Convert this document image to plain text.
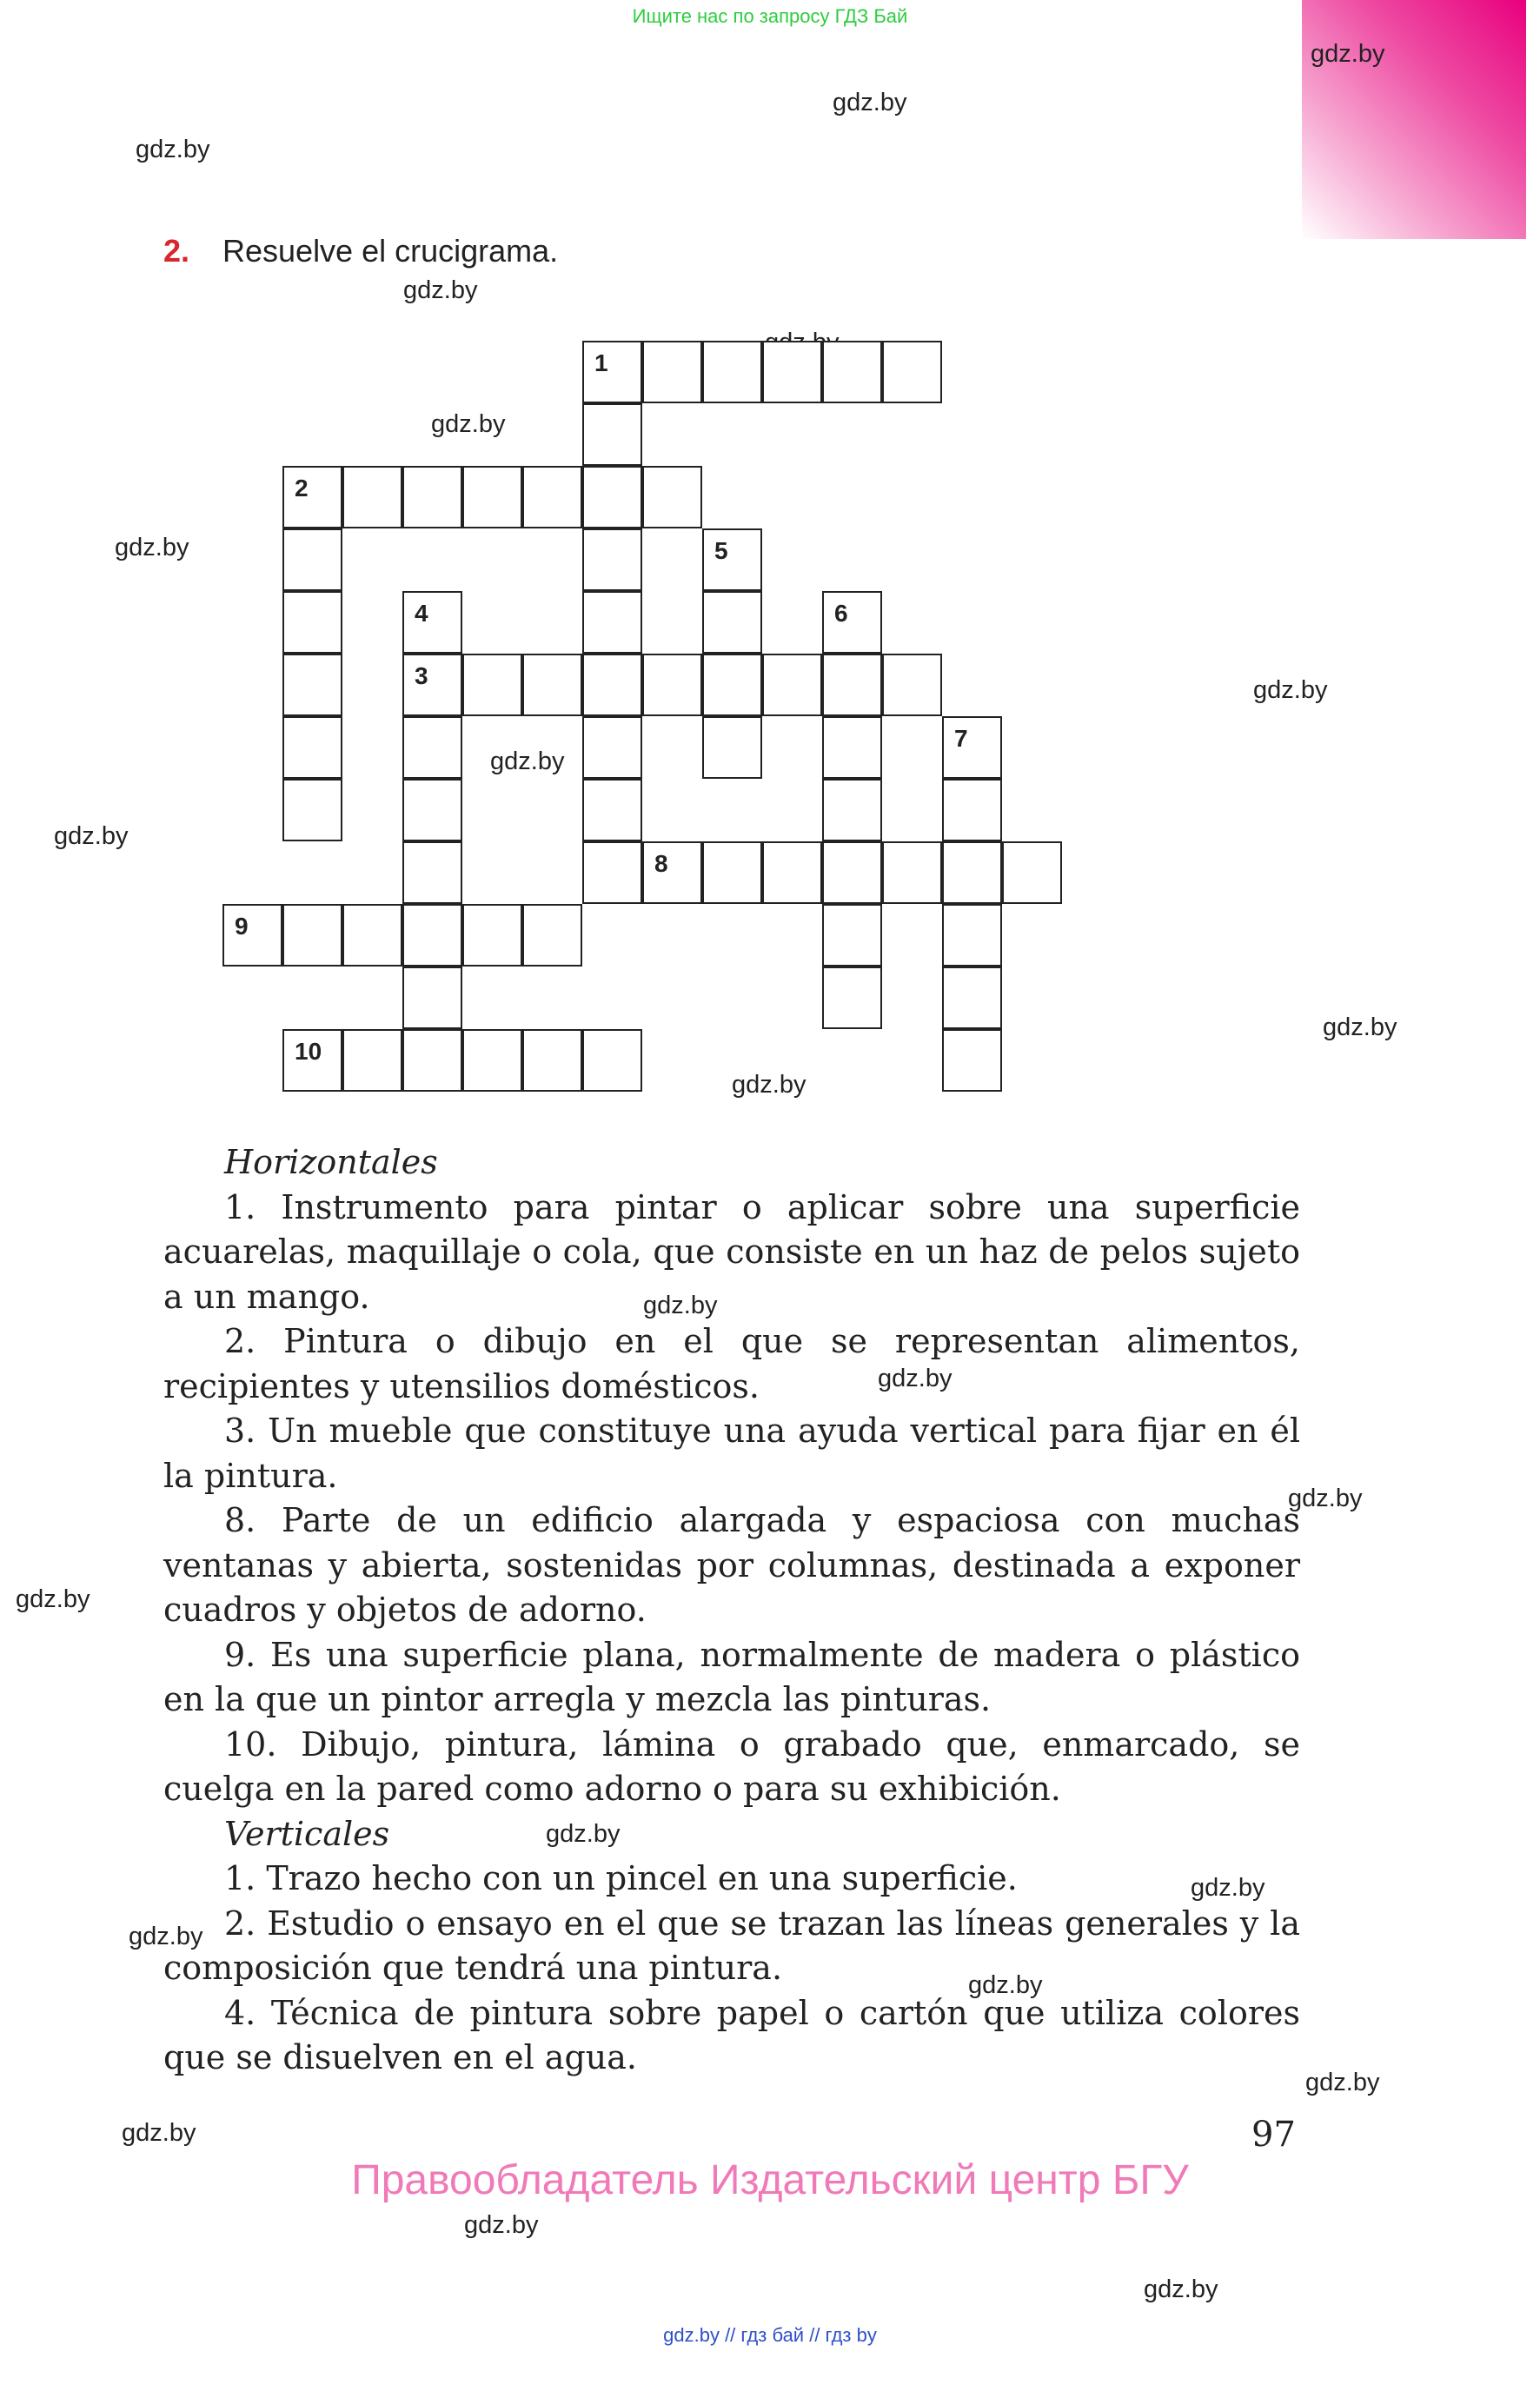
Ищите нас по запросу ГДЗ Бай
gdz.by
gdz.by
gdz.by
gdz.by
gdz.by
gdz.by
gdz.by
gdz.by
gdz.by
gdz.by
gdz.by
gdz.by
gdz.by
gdz.by
gdz.by
gdz.by
gdz.by
gdz.by
gdz.by
gdz.by
gdz.by
gdz.by
gdz.by
2. Resuelve el crucigrama.
1
2
3
4
5
6
7
8
9
10

Horizontales

1. Instrumento para pintar o aplicar sobre una superficie acuarelas, maquillaje o cola, que consiste en un haz de pelos sujeto a un mango.

2. Pintura o dibujo en el que se representan alimentos, recipientes y utensilios domésticos.

3. Un mueble que constituye una ayuda vertical para fijar en él la pintura.

8. Parte de un edificio alargada y espaciosa con muchas ventanas y abierta, sostenidas por columnas, destinada a exponer cuadros y objetos de adorno.

9. Es una superficie plana, normalmente de madera o plástico en la que un pintor arregla y mezcla las pinturas.

10. Dibujo, pintura, lámina o grabado que, enmarcado, se cuelga en la pared como adorno o para su exhibición.

Verticales

1. Trazo hecho con un pincel en una superficie.

2. Estudio o ensayo en el que se trazan las líneas generales y la composición que tendrá una pintura.

4. Técnica de pintura sobre papel o cartón que utiliza colores que se disuelven en el agua.

97
Правообладатель Издательский центр БГУ
gdz.by // гдз бай // гдз by
